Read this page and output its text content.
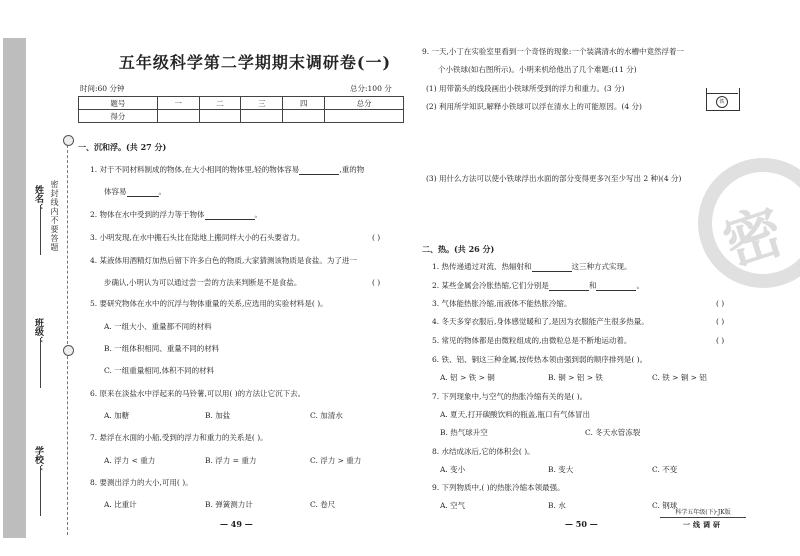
姓名：
班级：
学校：
密封线内不要答题
五年级科学第二学期期末调研卷(一)
时间:60 分钟	总分:100 分
题号	一	二	三	四	总分
得分					
一、沉和浮。(共 27 分)
1. 对于不同材料制成的物体,在大小相同的物体里,轻的物体容易	,重的物
体容易	。
2. 物体在水中受到的浮力等于物体	。
3. 小明发现,在水中搬石头比在陆地上搬同样大小的石头要省力。	( )
4. 某液体用酒精灯加热后留下许多白色的物质,大家猜测该物质是食盐。为了进一
步确认,小明认为可以通过尝一尝的方法来判断是不是食盐。	( )
5. 要研究物体在水中的沉浮与物体重量的关系,应选用的实验材料是( )。
A. 一组大小、重量都不同的材料
B. 一组体积相同、重量不同的材料
C. 一组重量相同,体积不同的材料
6. 原来在淡盐水中浮起来的马铃薯,可以用( )的方法让它沉下去。
A. 加糖	B. 加盐	C. 加清水
7. 悬浮在水面的小船,受到的浮力和重力的关系是( )。
A. 浮力 < 重力	B. 浮力 = 重力	C. 浮力 > 重力
8. 要测出浮力的大小,可用( )。
A. 比重计	B. 弹簧测力计	C. 卷尺
— 49 —
9. 一天,小丁在实验室里看到一个奇怪的现象:一个装满清水的水槽中竟然浮着一
个小铁球(如右图所示)。小明来机给他出了几个难题:(11 分)
(1) 用带箭头的线段画出小铁球所受到的浮力和重力。(3 分)
(2) 利用所学知识,解释小铁球可以浮在清水上的可能原因。(4 分)	铁
(3) 用什么方法可以使小铁球浮出水面的部分变得更多?(至少写出 2 种)(4 分)
密
二、热。(共 26 分)
1. 热传递通过对流、热辐射和	这三种方式实现。
2. 某些金属会冷胀热缩,它们分别是	和	。
3. 气体能热胀冷缩,而液体不能热胀冷缩。	( )
4. 冬天多穿衣服后,身体感觉暖和了,是因为衣服能产生很多热量。	( )
5. 常见的物体都是由微粒组成的,由微粒总是不断地运动着。	( )
6. 铁、铝、铜这三种金属,按传热本领由强到弱的顺序排列是( )。
A. 铝 > 铁 > 铜	B. 铜 > 铝 > 铁	C. 铁 > 铜 > 铝
7. 下列现象中,与空气的热胀冷缩有关的是( )。
A. 夏天,打开碳酸饮料的瓶盖,瓶口有气体冒出
B. 热气球升空	C. 冬天水管冻裂
8. 水结成冰后,它的体积会( )。
A. 变小	B. 变大	C. 不变
9. 下列物质中,( )的热胀冷缩本领最强。
A. 空气	B. 水	C. 钢球
— 50 —
科学五年级(下)·JK版
一线调研
